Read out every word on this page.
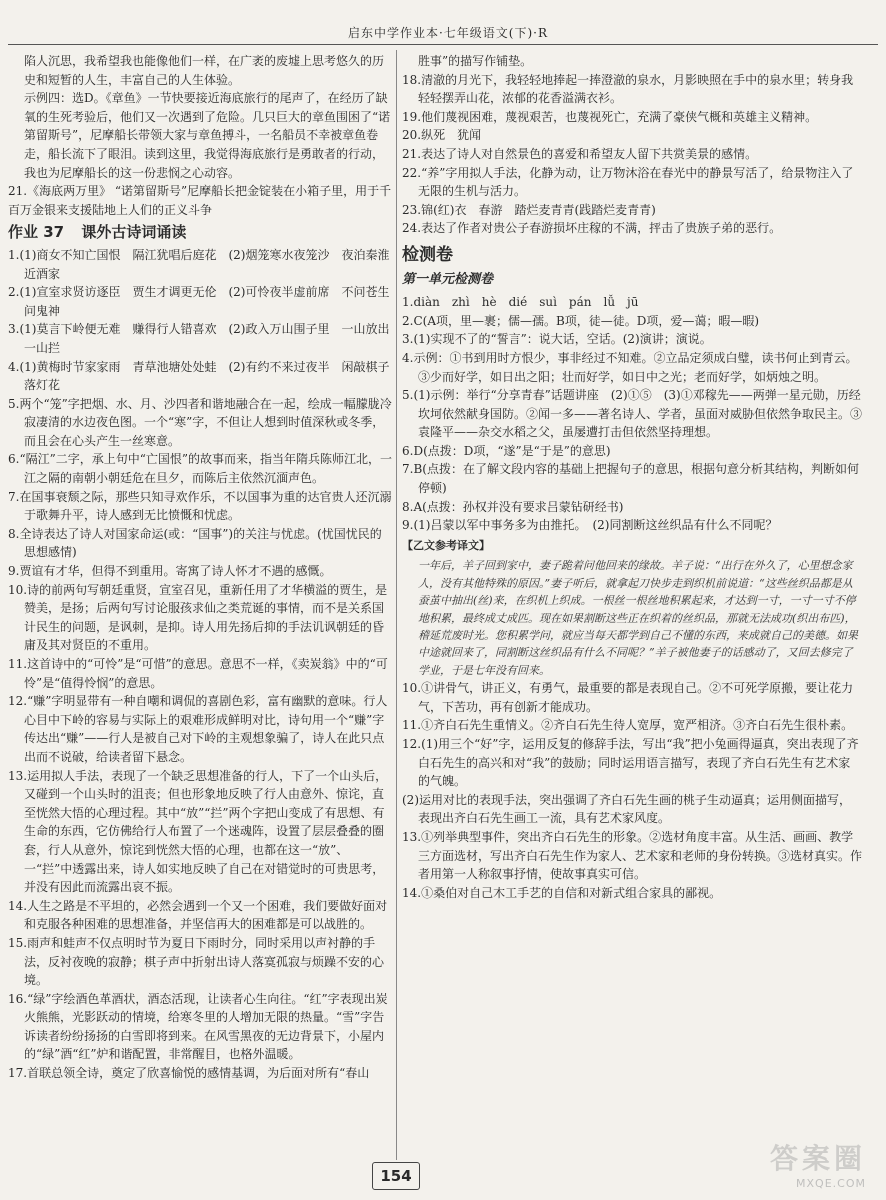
启东中学作业本·七年级语文(下)·R

陷人沉思，我希望我也能像他们一样，在广袤的废墟上思考悠久的历史和短暂的人生，丰富自己的人生体验。

示例四：选D。《章鱼》一节快要接近海底旅行的尾声了，在经历了缺氧的生死考验后，他们又一次遇到了危险。几只巨大的章鱼围困了“诺第留斯号”，尼摩船长带领大家与章鱼搏斗，一名船员不幸被章鱼卷走，船长流下了眼泪。读到这里，我觉得海底旅行是勇敢者的行动，我也为尼摩船长的这一份悲悯之心动容。

21.《海底两万里》 “诺第留斯号”尼摩船长把金锭装在小箱子里，用于千百万金银来支援陆地上人们的正义斗争

作业 37 课外古诗词诵读

1.(1)商女不知亡国恨　隔江犹唱后庭花　(2)烟笼寒水夜笼沙　夜泊秦淮近酒家

2.(1)宣室求贤访逐臣　贾生才调更无伦　(2)可怜夜半虚前席　不问苍生问鬼神

3.(1)莫言下岭便无难　赚得行人错喜欢　(2)政入万山围子里　一山放出一山拦

4.(1)黄梅时节家家雨　青草池塘处处蛙　(2)有约不来过夜半　闲敲棋子落灯花

5.两个“笼”字把烟、水、月、沙四者和谐地融合在一起，绘成一幅朦胧冷寂凄清的水边夜色图。一个“寒”字，不但让人想到时值深秋或冬季，而且会在心头产生一丝寒意。

6.“隔江”二字，承上句中“亡国恨”的故事而来，指当年隋兵陈师江北，一江之隔的南朝小朝廷危在旦夕，而陈后主依然沉湎声色。

7.在国事衰颓之际，那些只知寻欢作乐，不以国事为重的达官贵人还沉溺于歌舞升平，诗人感到无比愤慨和忧虑。

8.全诗表达了诗人对国家命运(或：“国事”)的关注与忧虑。(忧国忧民的思想感情)

9.贾谊有才华，但得不到重用。寄寓了诗人怀才不遇的感慨。

10.诗的前两句写朝廷重贤，宣室召见，重新任用了才华横溢的贾生，是赞美，是扬；后两句写讨论服孩求仙之类荒诞的事情，而不是关系国计民生的问题，是讽刺，是抑。诗人用先扬后抑的手法讥讽朝廷的昏庸及其对贤臣的不重用。

11.这首诗中的“可怜”是“可惜”的意思。意思不一样，《卖炭翁》中的“可怜”是“值得怜悯”的意思。

12.“赚”字明显带有一种自嘲和调侃的喜剧色彩，富有幽默的意味。行人心目中下岭的容易与实际上的艰难形成鲜明对比，诗句用一个“赚”字传达出“赚”——行人是被自己对下岭的主观想象骗了，诗人在此只点出而不说破，给读者留下悬念。

13.运用拟人手法，表现了一个缺乏思想准备的行人，下了一个山头后，又碰到一个山头时的沮丧；但也形象地反映了行人由意外、惊诧，直至恍然大悟的心理过程。其中“放”“拦”两个字把山变成了有思想、有生命的东西，它仿佛给行人布置了一个迷魂阵，设置了层层叠叠的圈套，行人从意外，惊诧到恍然大悟的心理，也都在这一“放”、一“拦”中透露出来，诗人如实地反映了自己在对错觉时的可贵思考，并没有因此而流露出哀不振。

14.人生之路是不平坦的，必然会遇到一个又一个困难，我们要做好面对和克服各种困难的思想准备，并坚信再大的困难都是可以战胜的。

15.雨声和蛙声不仅点明时节为夏日下雨时分，同时采用以声衬静的手法，反衬夜晚的寂静；棋子声中折射出诗人落寞孤寂与烦躁不安的心境。

16.“绿”字绘酒色革酒状，酒态活现，让读者心生向往。“红”字表现出炭火熊熊，光影跃动的情境，给寒冬里的人增加无限的热量。“雪”字告诉读者纷纷扬扬的白雪即将到来。在风雪黑夜的无边背景下，小屋内的“绿”酒“红”炉和谐配置，非常醒目，也格外温暖。

17.首联总领全诗，奠定了欣喜愉悦的感情基调，为后面对所有“春山

胜事”的描写作铺垫。

18.清澈的月光下，我轻轻地捧起一捧澄澈的泉水，月影映照在手中的泉水里；转身我轻轻摆弄山花，浓郁的花香溢满衣衫。

19.他们蔑视困难，蔑视艰苦，也蔑视死亡，充满了豪侠气概和英雄主义精神。

20.纵死　犹闻

21.表达了诗人对自然景色的喜爱和希望友人留下共赏美景的感情。

22.“养”字用拟人手法，化静为动，让万物沐浴在春光中的静景写活了，给景物注入了无限的生机与活力。

23.锦(红)衣　春游　踏烂麦青青(践踏烂麦青青)

24.表达了作者对贵公子春游损坏庄稼的不满，抨击了贵族子弟的恶行。

检测卷
第一单元检测卷

1.diàn　zhì　hè　dié　suì　pán　lǚ　jū

2.C(A项，里—裹；儒—孺。B项，徒—徒。D项，爱—蔼；暇—暇)

3.(1)实现不了的“誓言”：说大话，空话。(2)演讲；演说。

4.示例：①书到用时方恨少，事非经过不知难。②立品定须成白璧，读书何止到青云。③少而好学，如日出之阳；壮而好学，如日中之光；老而好学，如炳烛之明。

5.(1)示例：举行“分享青春”话题讲座　(2)①⑤　(3)①邓稼先——两弹一星元勋，历经坎坷依然献身国防。②闻一多——著名诗人、学者，虽面对威胁但依然争取民主。③袁隆平——杂交水稻之父，虽屡遭打击但依然坚持理想。

6.D(点拨：D项，“遂”是“于是”的意思)

7.B(点拨：在了解文段内容的基础上把握句子的意思，根据句意分析其结构，判断如何停顿)

8.A(点拨：孙权并没有要求吕蒙钻研经书)

9.(1)吕蒙以军中事务多为由推托。　(2)同割断这丝织品有什么不同呢？

【乙文参考译文】

一年后，羊子回到家中，妻子跪着问他回来的缘故。羊子说：“出行在外久了，心里想念家人，没有其他特殊的原因。”妻子听后，就拿起刀快步走到织机前说道：“这些丝织品都是从蚕茧中抽出(丝)来，在织机上织成。一根丝一根丝地积累起来，才达到一寸，一寸一寸不停地积累，最终成丈成匹。现在如果割断这些正在织着的丝织品，那就无法成功(织出布匹)，稽延荒废时光。您积累学问，就应当每天都学到自己不懂的东西，来成就自己的美德。如果中途就回来了，同割断这丝织品有什么不同呢？”羊子被他妻子的话感动了，又回去修完了学业，于是七年没有回来。

10.①讲骨气，讲正义，有勇气，最重要的都是表现自己。②不可死学原搬，要让花力气，下苦功，再有创新才能成功。

11.①齐白石先生重情义。②齐白石先生待人宽厚，宽严相济。③齐白石先生很朴素。

12.(1)用三个“好”字，运用反复的修辞手法，写出“我”把小兔画得逼真，突出表现了齐白石先生的高兴和对“我”的鼓励；同时运用语言描写，表现了齐白石先生有艺术家的气魄。

(2)运用对比的表现手法，突出强调了齐白石先生画的桃子生动逼真；运用侧面描写，表现出齐白石先生画工一流，具有艺术家风度。

13.①列举典型事件，突出齐白石先生的形象。②选材角度丰富。从生活、画画、教学三方面选材，写出齐白石先生作为家人、艺术家和老师的身份转换。③选材真实。作者用第一人称叙事抒情，使故事真实可信。

14.①桑伯对自己木工手艺的自信和对新式组合家具的鄙视。

154
答案圈
MXQE.COM
